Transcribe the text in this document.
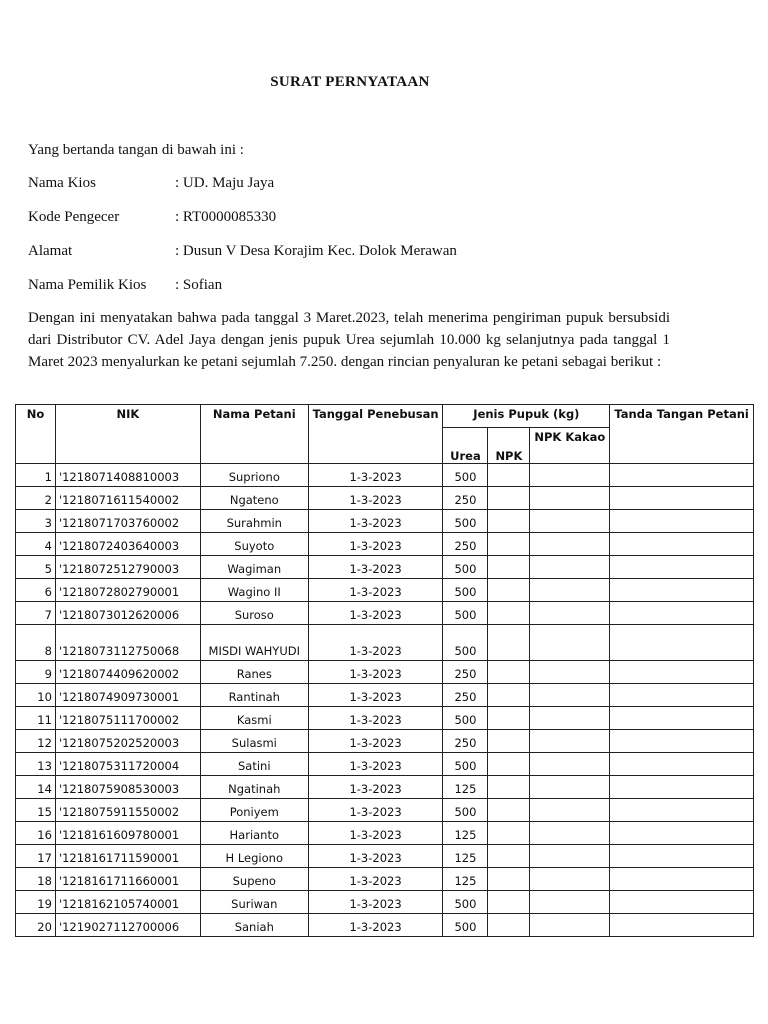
SURAT PERNYATAAN
Yang bertanda tangan di bawah ini :
Nama Kios	: UD. Maju Jaya
Kode Pengecer	: RT0000085330
Alamat	: Dusun V Desa Korajim Kec. Dolok Merawan
Nama Pemilik Kios : Sofian
Dengan ini menyatakan bahwa pada tanggal 3 Maret.2023, telah menerima pengiriman pupuk bersubsidi dari Distributor CV. Adel Jaya dengan jenis pupuk Urea sejumlah 10.000 kg selanjutnya pada tanggal 1 Maret 2023 menyalurkan ke petani sejumlah 7.250. dengan rincian penyaluran ke petani sebagai berikut :
No	NIK	Nama Petani	Tanggal Penebusan	Jenis Pupuk (kg)			Tanda Tangan Petani
				Urea	NPK	NPK Kakao	
1	'1218071408810003	Supriono	1-3-2023	500			
2	'1218071611540002	Ngateno	1-3-2023	250			
3	'1218071703760002	Surahmin	1-3-2023	500			
4	'1218072403640003	Suyoto	1-3-2023	250			
5	'1218072512790003	Wagiman	1-3-2023	500			
6	'1218072802790001	Wagino II	1-3-2023	500			
7	'1218073012620006	Suroso	1-3-2023	500			
8	'1218073112750068	MISDI WAHYUDI	1-3-2023	500			
9	'1218074409620002	Ranes	1-3-2023	250			
10	'1218074909730001	Rantinah	1-3-2023	250			
11	'1218075111700002	Kasmi	1-3-2023	500			
12	'1218075202520003	Sulasmi	1-3-2023	250			
13	'1218075311720004	Satini	1-3-2023	500			
14	'1218075908530003	Ngatinah	1-3-2023	125			
15	'1218075911550002	Poniyem	1-3-2023	500			
16	'1218161609780001	Harianto	1-3-2023	125			
17	'1218161711590001	H Legiono	1-3-2023	125			
18	'1218161711660001	Supeno	1-3-2023	125			
19	'1218162105740001	Suriwan	1-3-2023	500			
20	'1219027112700006	Saniah	1-3-2023	500			
